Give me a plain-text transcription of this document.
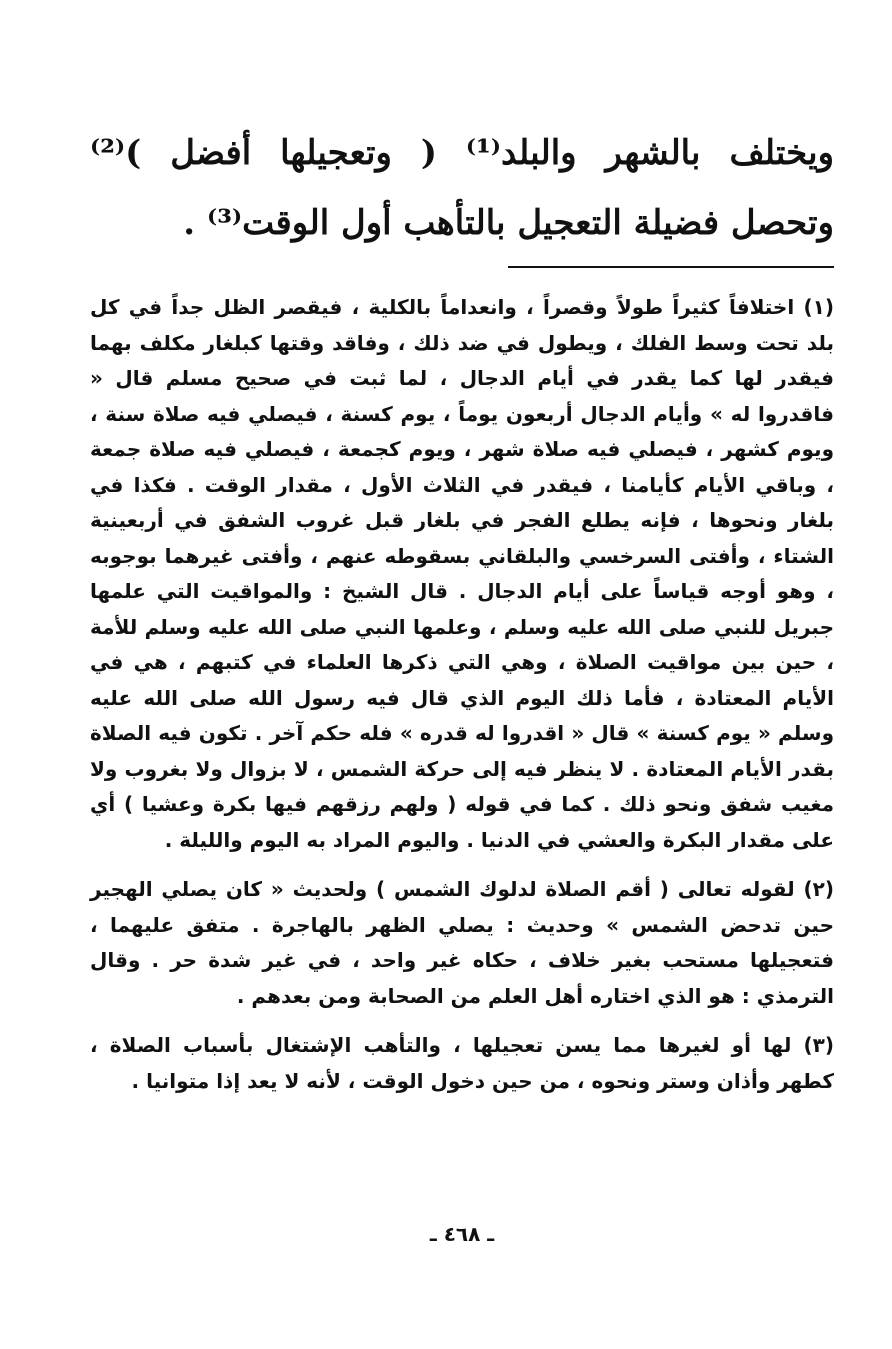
ويختلف بالشهر والبلد⁽¹⁾ ( وتعجيلها أفضل )⁽²⁾ وتحصل فضيلة التعجيل بالتأهب أول الوقت⁽³⁾ .

(١) اختلافاً كثيراً طولاً وقصراً ، وانعداماً بالكلية ، فيقصر الظل جداً في كل بلد تحت وسط الفلك ، ويطول في ضد ذلك ، وفاقد وقتها كبلغار مكلف بهما فيقدر لها كما يقدر في أيام الدجال ، لما ثبت في صحيح مسلم قال « فاقدروا له » وأيام الدجال أربعون يوماً ، يوم كسنة ، فيصلي فيه صلاة سنة ، ويوم كشهر ، فيصلي فيه صلاة شهر ، ويوم كجمعة ، فيصلي فيه صلاة جمعة ، وباقي الأيام كأيامنا ، فيقدر في الثلاث الأول ، مقدار الوقت . فكذا في بلغار ونحوها ، فإنه يطلع الفجر في بلغار قبل غروب الشفق في أربعينية الشتاء ، وأفتى السرخسي والبلقاني بسقوطه عنهم ، وأفتى غيرهما بوجوبه ، وهو أوجه قياساً على أيام الدجال . قال الشيخ : والمواقيت التي علمها جبريل للنبي صلى الله عليه وسلم ، وعلمها النبي صلى الله عليه وسلم للأمة ، حين بين مواقيت الصلاة ، وهي التي ذكرها العلماء في كتبهم ، هي في الأيام المعتادة ، فأما ذلك اليوم الذي قال فيه رسول الله صلى الله عليه وسلم « يوم كسنة » قال « اقدروا له قدره » فله حكم آخر . تكون فيه الصلاة بقدر الأيام المعتادة . لا ينظر فيه إلى حركة الشمس ، لا بزوال ولا بغروب ولا مغيب شفق ونحو ذلك . كما في قوله ( ولهم رزقهم فيها بكرة وعشيا ) أي على مقدار البكرة والعشي في الدنيا . واليوم المراد به اليوم والليلة .

(٢) لقوله تعالى ( أقم الصلاة لدلوك الشمس ) ولحديث « كان يصلي الهجير حين تدحض الشمس » وحديث : يصلي الظهر بالهاجرة . متفق عليهما ، فتعجيلها مستحب بغير خلاف ، حكاه غير واحد ، في غير شدة حر . وقال الترمذي : هو الذي اختاره أهل العلم من الصحابة ومن بعدهم .

(٣) لها أو لغيرها مما يسن تعجيلها ، والتأهب الإشتغال بأسباب الصلاة ، كطهر وأذان وستر ونحوه ، من حين دخول الوقت ، لأنه لا يعد إذا متوانيا .

ـ ٤٦٨ ـ
